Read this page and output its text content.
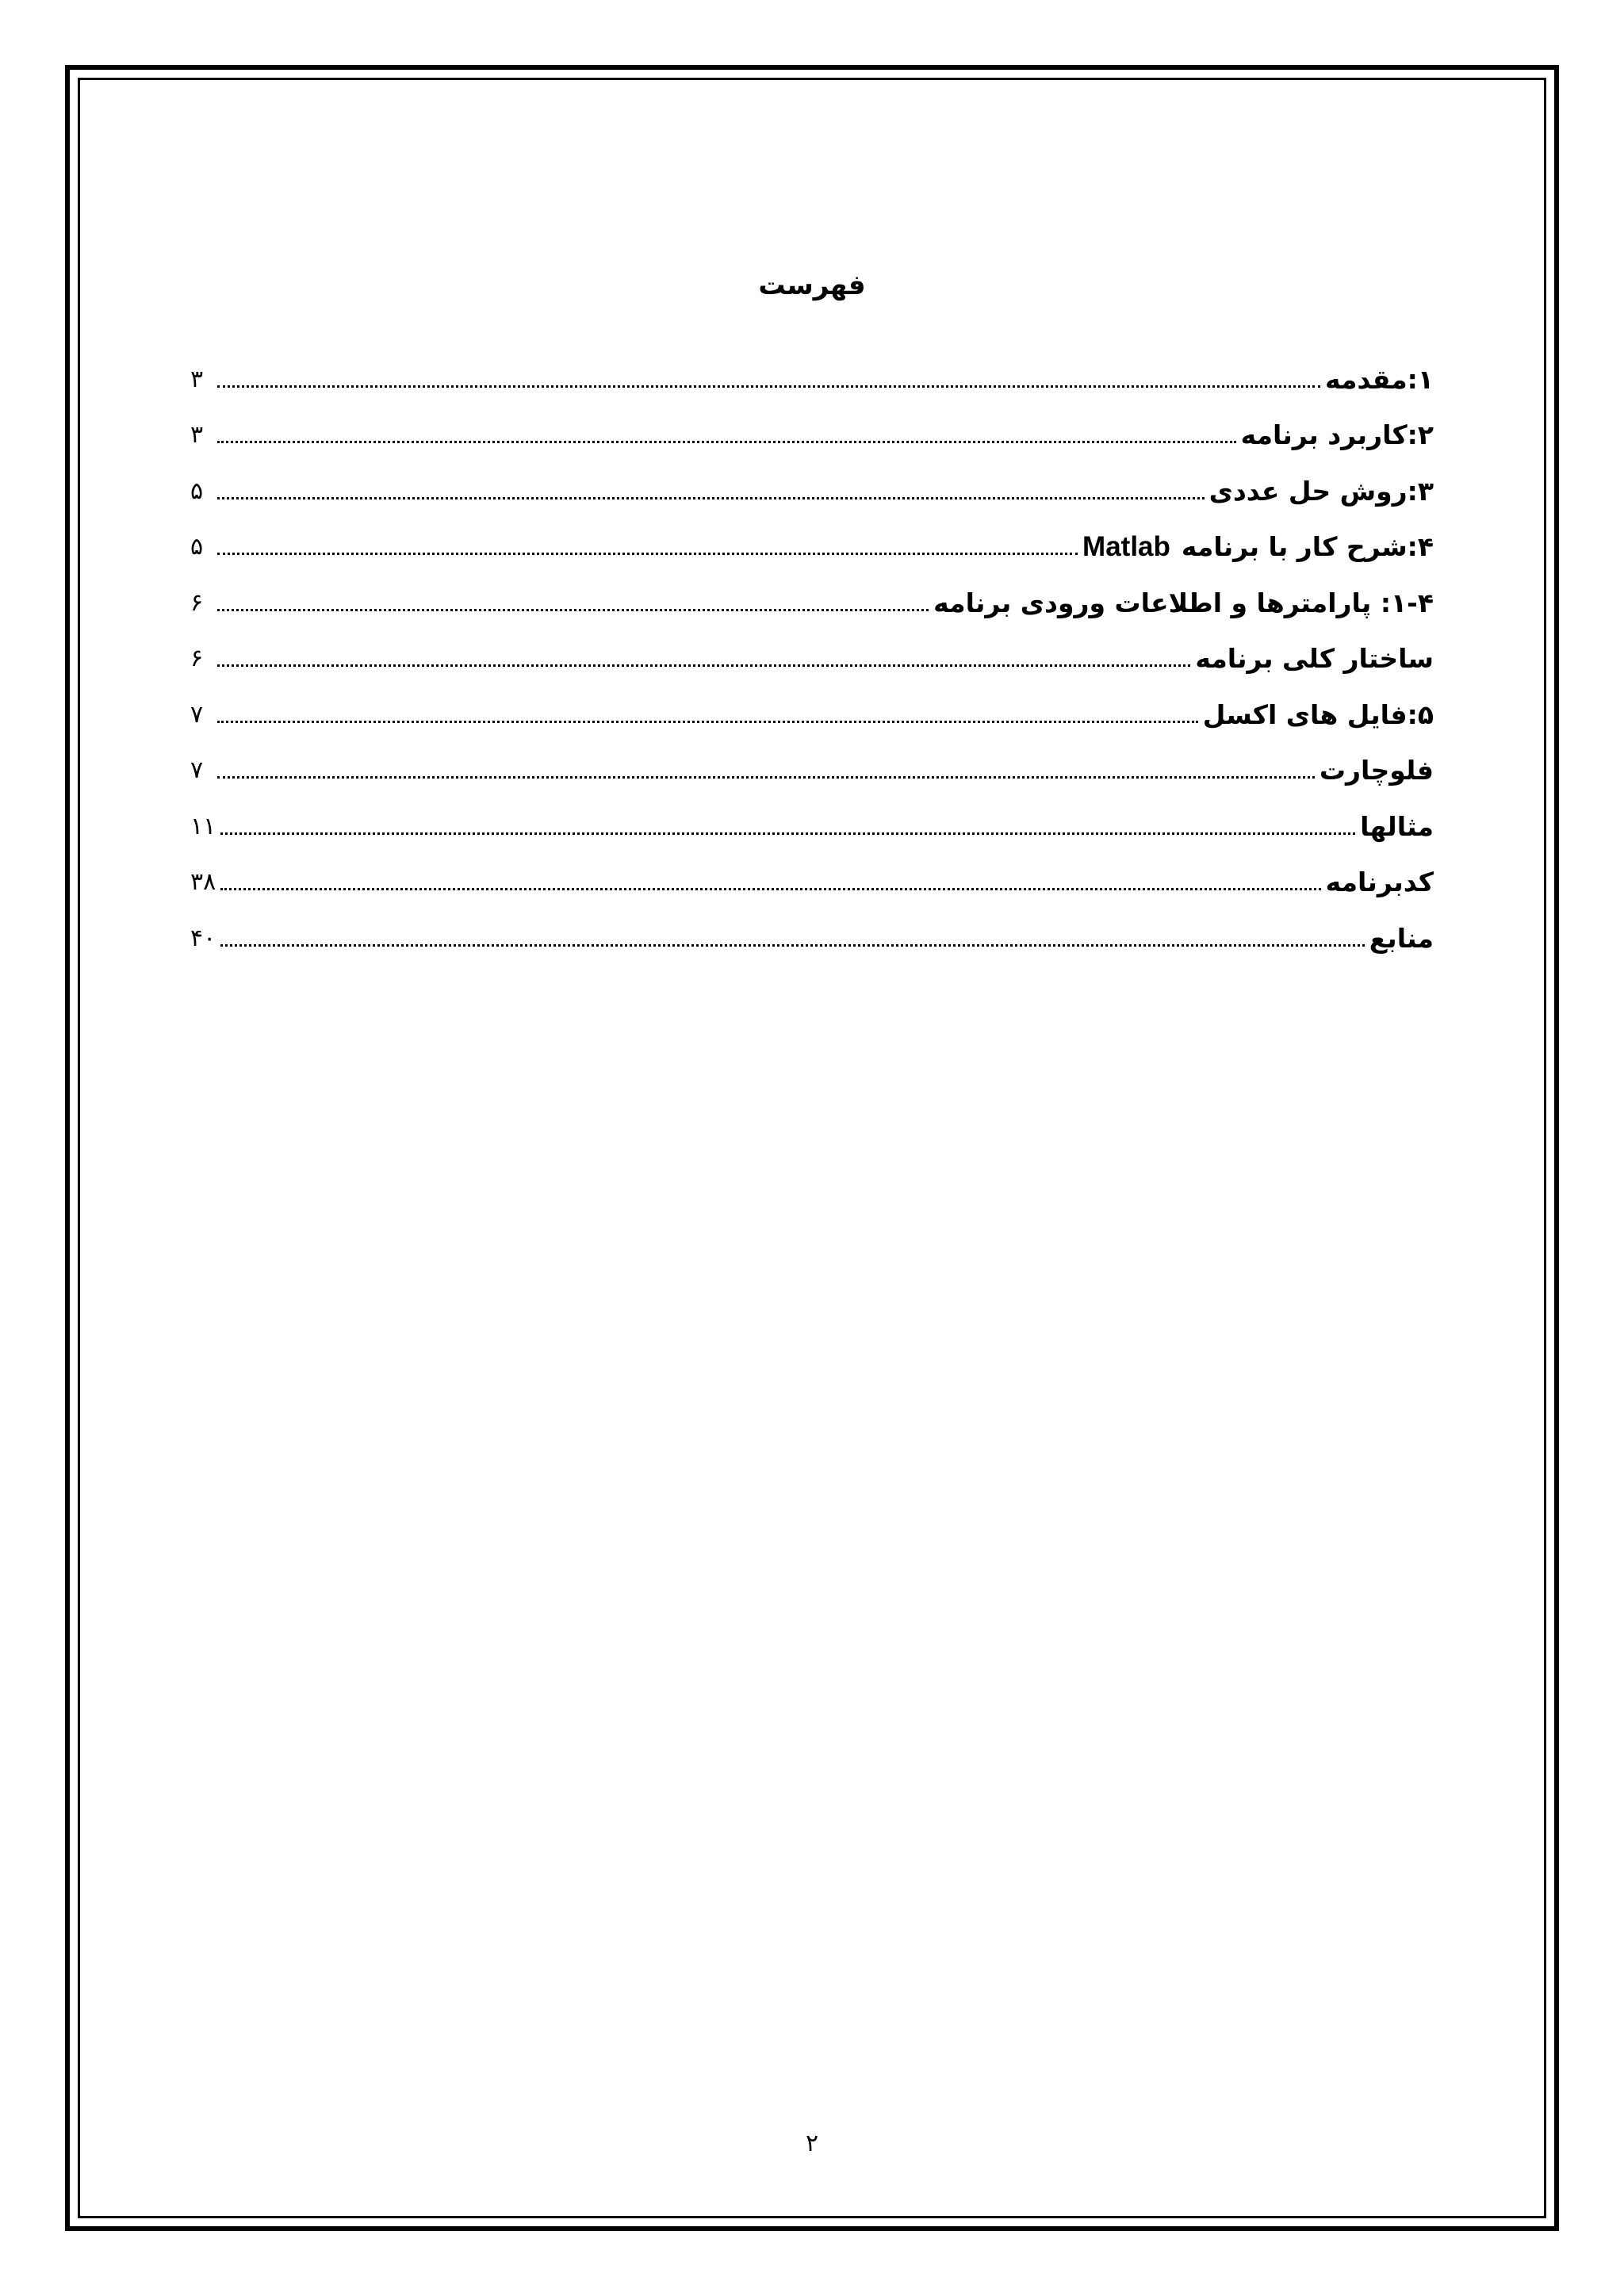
فهرست
۱:مقدمه
۳
۲:کاربرد برنامه
۳
۳:روش حل عددی
۵
۴:شرح کار با برنامهMatlab
۵
۱-۴: پارامترها و اطلاعات ورودی برنامه
۶
ساختار کلی برنامه
۶
۵:فایل های اکسل
۷
فلوچارت
۷
مثالها
۱۱
کدبرنامه
۳۸
منابع
۴۰
۲
